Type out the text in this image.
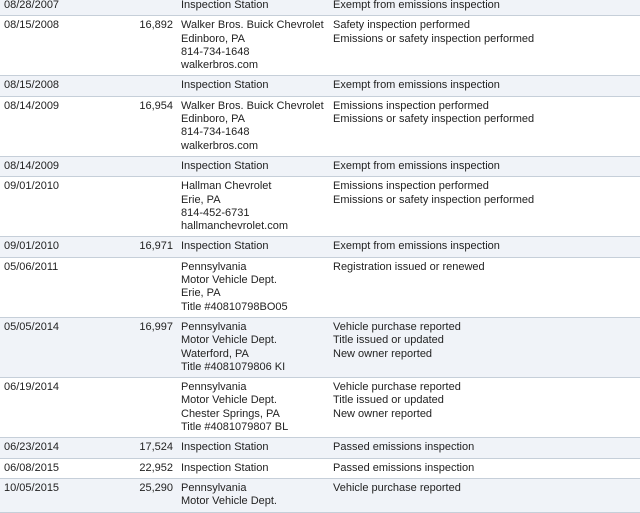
08/28/2007		Inspection Station	Exempt from emissions inspection

08/15/2008	16,892	Walker Bros. Buick Chevrolet
Edinboro, PA
814-734-1648
walkerbros.com	Safety inspection performed
Emissions or safety inspection performed

08/15/2008		Inspection Station	Exempt from emissions inspection

08/14/2009	16,954	Walker Bros. Buick Chevrolet
Edinboro, PA
814-734-1648
walkerbros.com	Emissions inspection performed
Emissions or safety inspection performed

08/14/2009		Inspection Station	Exempt from emissions inspection

09/01/2010		Hallman Chevrolet
Erie, PA
814-452-6731
hallmanchevrolet.com	Emissions inspection performed
Emissions or safety inspection performed

09/01/2010	16,971	Inspection Station	Exempt from emissions inspection

05/06/2011		Pennsylvania
Motor Vehicle Dept.
Erie, PA
Title #40810798BO05	Registration issued or renewed

05/05/2014	16,997	Pennsylvania
Motor Vehicle Dept.
Waterford, PA
Title #4081079806 KI	Vehicle purchase reported
Title issued or updated
New owner reported

06/19/2014		Pennsylvania
Motor Vehicle Dept.
Chester Springs, PA
Title #4081079807 BL	Vehicle purchase reported
Title issued or updated
New owner reported

06/23/2014	17,524	Inspection Station	Passed emissions inspection

06/08/2015	22,952	Inspection Station	Passed emissions inspection

10/05/2015	25,290	Pennsylvania
Motor Vehicle Dept.	Vehicle purchase reported
